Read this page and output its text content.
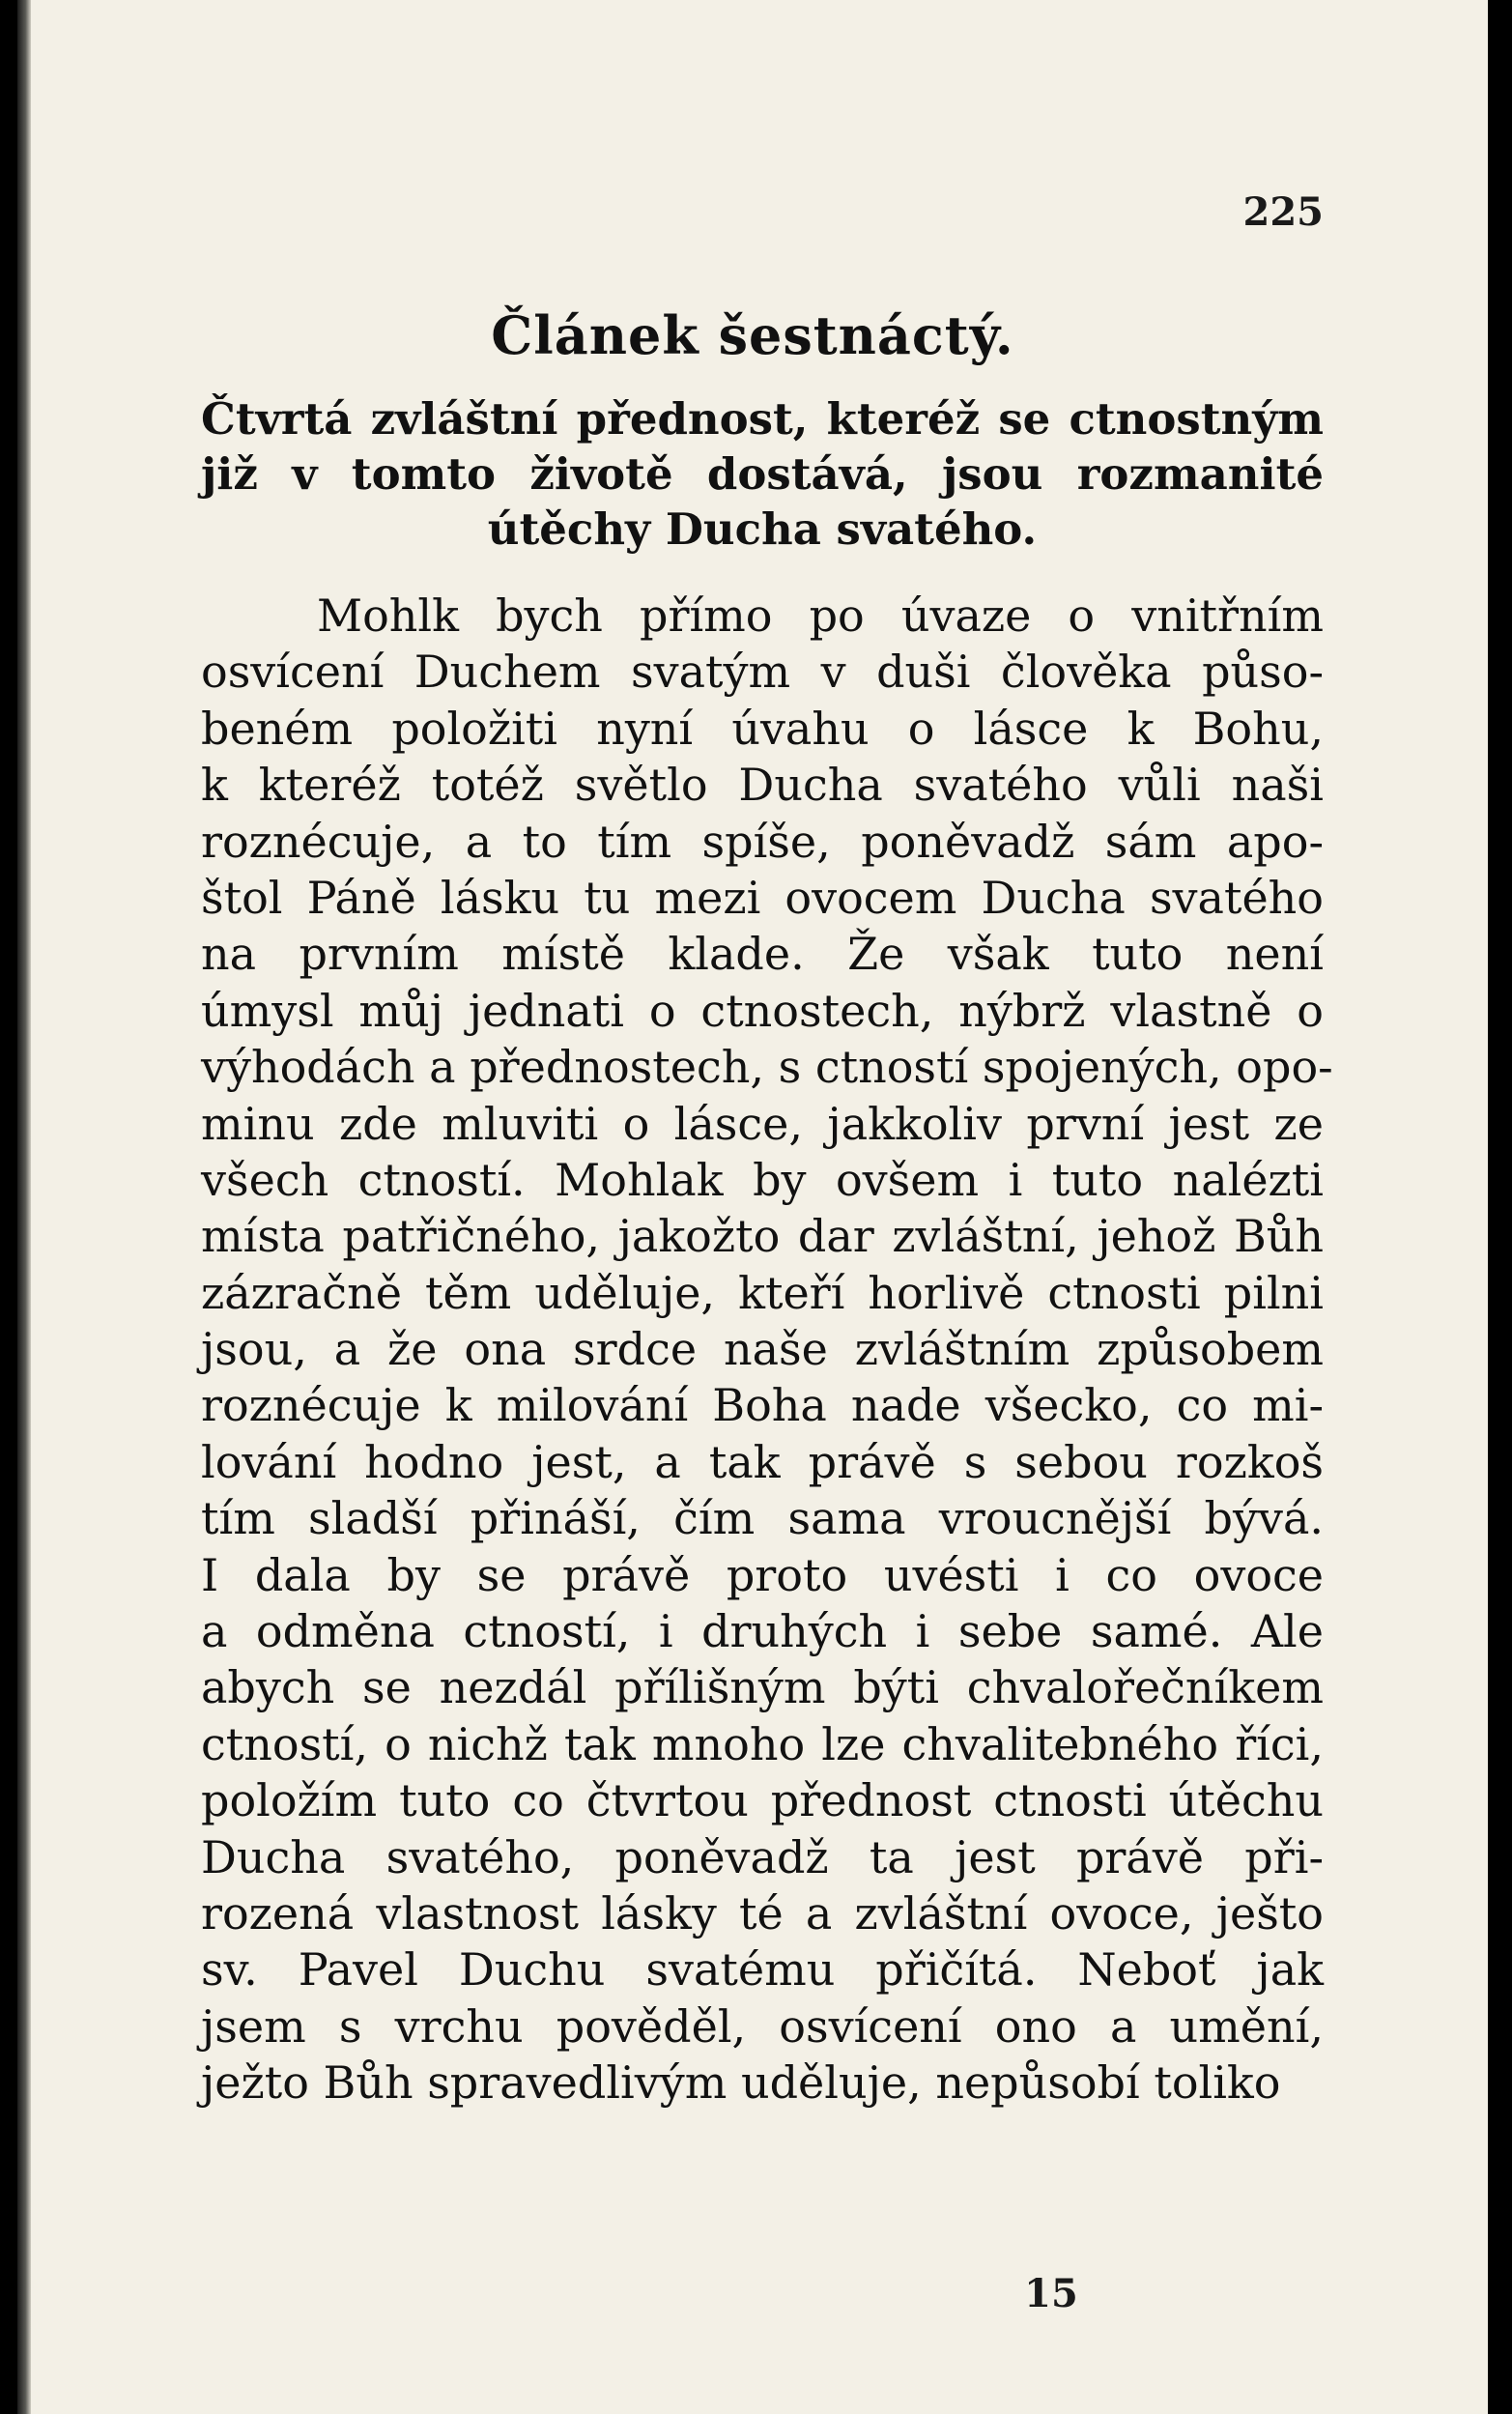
225
Článek šestnáctý.
Čtvrtá zvláštní přednost, kteréž se ctnostným již v tomto životě dostává, jsou rozmanité útěchy Ducha svatého.
Mohlk bych přímo po úvaze o vnitřním
osvícení Duchem svatým v duši člověka půso-
beném položiti nyní úvahu o lásce k Bohu,
k kteréž totéž světlo Ducha svatého vůli naši
roznécuje, a to tím spíše, poněvadž sám apo-
štol Páně lásku tu mezi ovocem Ducha svatého
na prvním místě klade. Že však tuto není
úmysl můj jednati o ctnostech, nýbrž vlastně o
výhodách a přednostech, s ctností spojených, opo-
minu zde mluviti o lásce, jakkoliv první jest ze
všech ctností. Mohlak by ovšem i tuto nalézti
místa patřičného, jakožto dar zvláštní, jehož Bůh
zázračně těm uděluje, kteří horlivě ctnosti pilni
jsou, a že ona srdce naše zvláštním způsobem
roznécuje k milování Boha nade všecko, co mi-
lování hodno jest, a tak právě s sebou rozkoš
tím sladší přináší, čím sama vroucnější bývá.
I dala by se právě proto uvésti i co ovoce
a odměna ctností, i druhých i sebe samé. Ale
abych se nezdál přílišným býti chvalořečníkem
ctností, o nichž tak mnoho lze chvalitebného říci,
položím tuto co čtvrtou přednost ctnosti útěchu
Ducha svatého, poněvadž ta jest právě při-
rozená vlastnost lásky té a zvláštní ovoce, ješto
sv. Pavel Duchu svatému přičítá. Neboť jak
jsem s vrchu pověděl, osvícení ono a umění,
ježto Bůh spravedlivým uděluje, nepůsobí toliko
15
